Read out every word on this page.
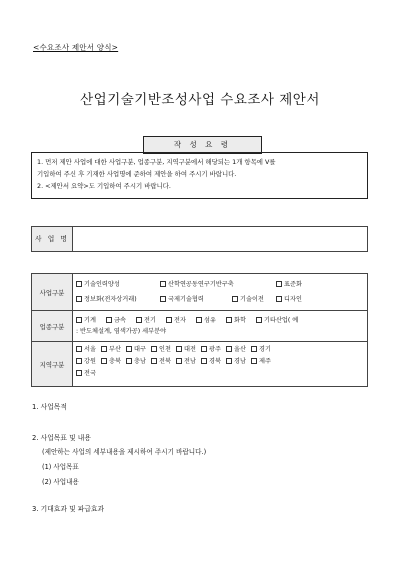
<수요조사 제안서 양식>
산업기술기반조성사업 수요조사 제안서
작 성 요 령
1. 먼저 제안 사업에 대한 사업구분, 업종구분, 지역구분에서 해당되는 1개 항목에 V를
기입하여 주신 후 기재한 사업명에 준하여 제안을 하여 주시기 바랍니다.
2. <제안서 요약>도 기입하여 주시기 바랍니다.
사 업 명
사업구분
기술인력양성	산학연공동연구기반구축	표준화
정보화(전자상거래)	국제기술협력	기술이전	디자인
업종구분
기계	금속	전기	전자	섬유	화학	기타산업( 예
: 반도체설계, 염색가공) 세부분야
지역구분
서울 부산 대구 인천 대전 광주 울산 경기
강원 충북 충남 전북 전남 경북 경남 제주
전국
1. 사업목적
2. 사업목표 및 내용
(제안하는 사업의 세부내용을 제시하여 주시기 바랍니다.)
(1) 사업목표
(2) 사업내용
3. 기대효과 및 파급효과
